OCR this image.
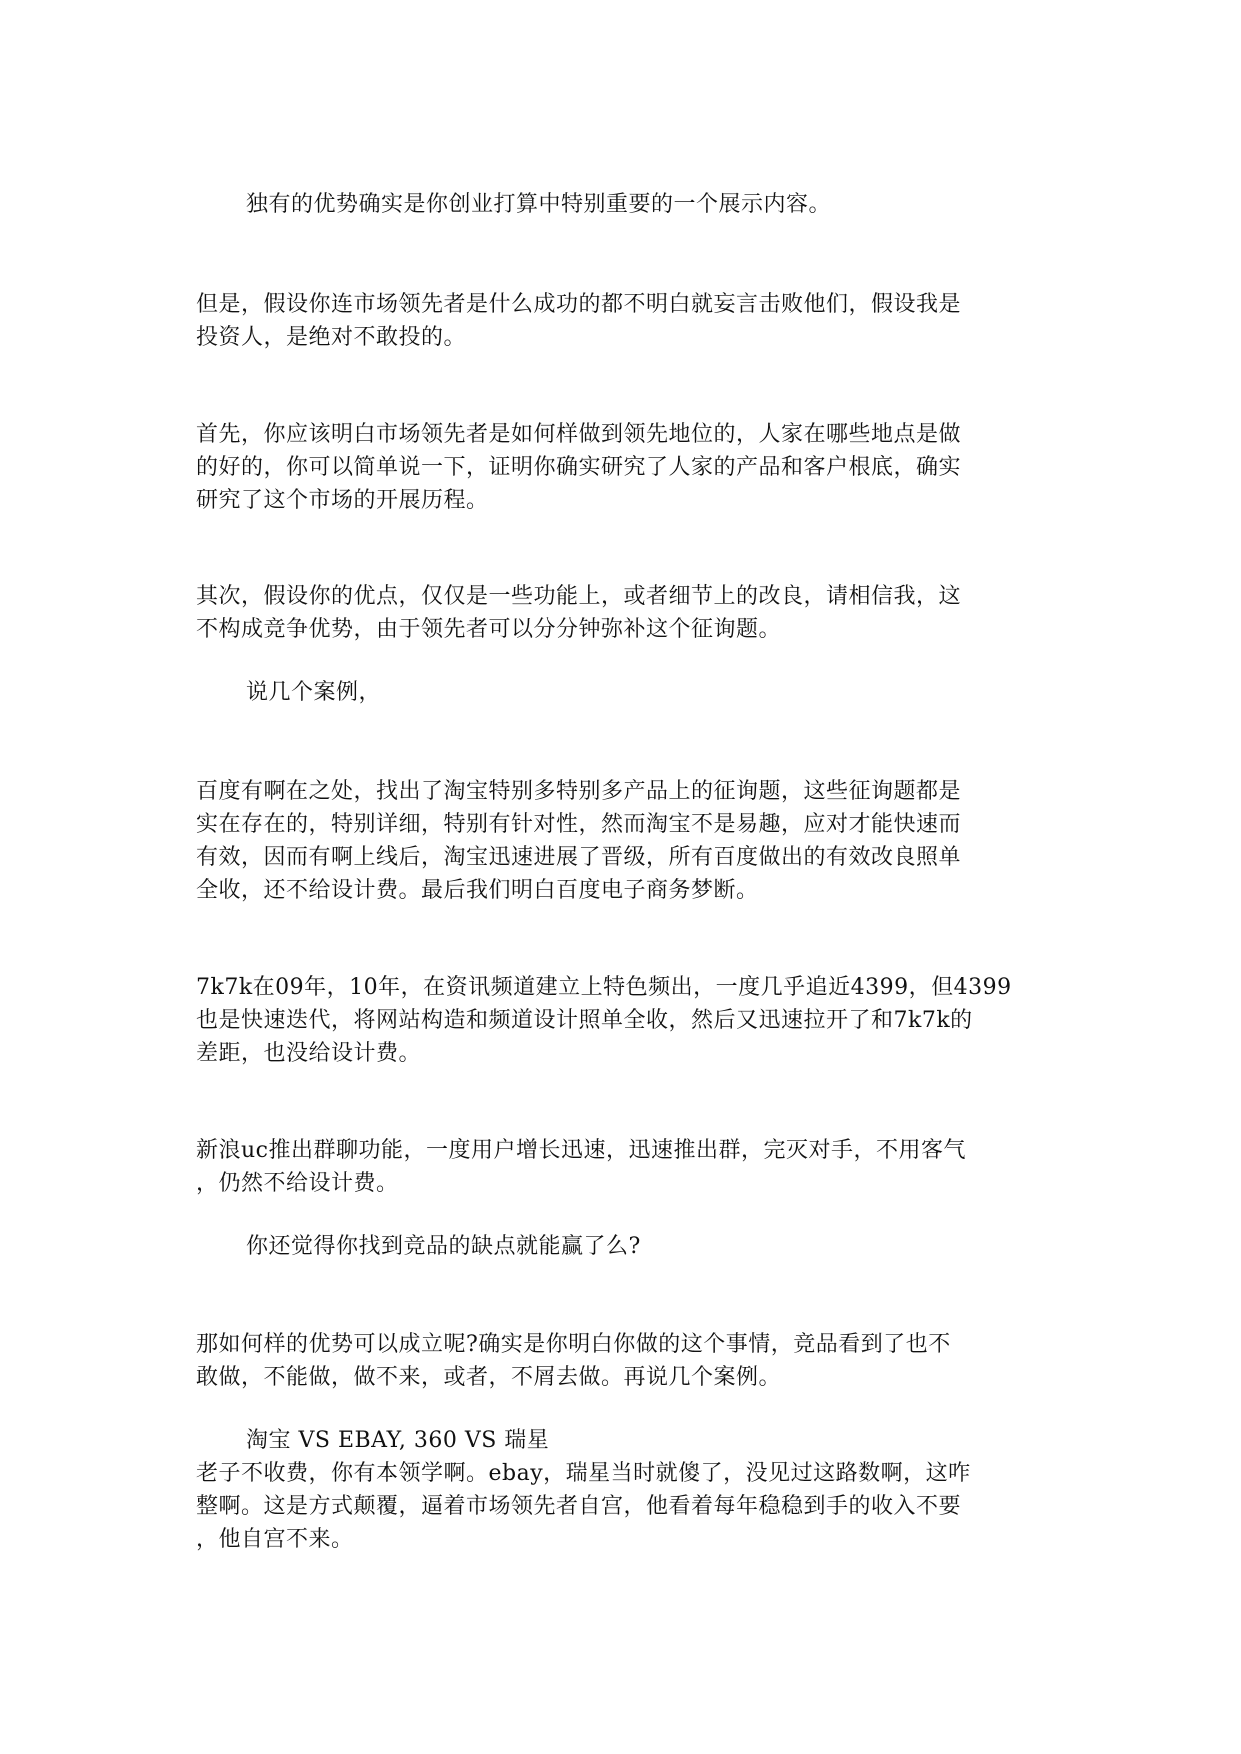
独有的优势确实是你创业打算中特别重要的一个展示内容。
但是，假设你连市场领先者是什么成功的都不明白就妄言击败他们，假设我是
投资人，是绝对不敢投的。
首先，你应该明白市场领先者是如何样做到领先地位的，人家在哪些地点是做
的好的，你可以简单说一下，证明你确实研究了人家的产品和客户根底，确实
研究了这个市场的开展历程。
其次，假设你的优点，仅仅是一些功能上，或者细节上的改良，请相信我，这
不构成竞争优势，由于领先者可以分分钟弥补这个征询题。
说几个案例，
百度有啊在之处，找出了淘宝特别多特别多产品上的征询题，这些征询题都是
实在存在的，特别详细，特别有针对性，然而淘宝不是易趣，应对才能快速而
有效，因而有啊上线后，淘宝迅速进展了晋级，所有百度做出的有效改良照单
全收，还不给设计费。最后我们明白百度电子商务梦断。
7k7k在09年，10年，在资讯频道建立上特色频出，一度几乎追近4399，但4399
也是快速迭代，将网站构造和频道设计照单全收，然后又迅速拉开了和7k7k的
差距，也没给设计费。
新浪uc推出群聊功能，一度用户增长迅速，迅速推出群，完灭对手，不用客气
，仍然不给设计费。
你还觉得你找到竞品的缺点就能赢了么?
那如何样的优势可以成立呢?确实是你明白你做的这个事情，竞品看到了也不
敢做，不能做，做不来，或者，不屑去做。再说几个案例。
淘宝 VS EBAY, 360 VS 瑞星
老子不收费，你有本领学啊。ebay，瑞星当时就傻了，没见过这路数啊，这咋
整啊。这是方式颠覆，逼着市场领先者自宫，他看着每年稳稳到手的收入不要
，他自宫不来。
